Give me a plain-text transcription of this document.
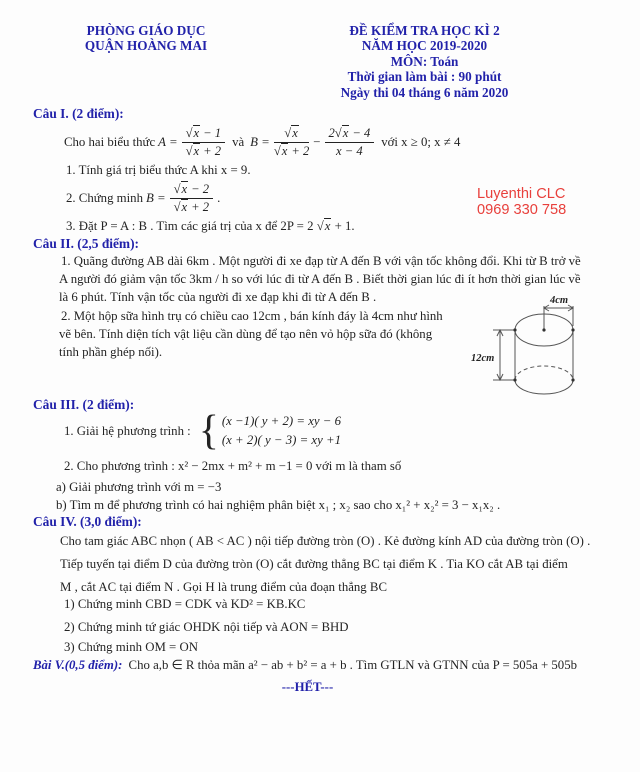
PHÒNG GIÁO DỤC
QUẬN HOÀNG MAI
ĐỀ KIỂM TRA HỌC KÌ 2
NĂM HỌC 2019-2020
MÔN: Toán
Thời gian làm bài : 90 phút
Ngày thi 04 tháng 6 năm 2020
Luyenthi CLC
0969 330 758
Câu I. (2 điểm):
Cho hai biểu thức A = √ x − 1
√ x + 2 và B = √ x
√ $x + 2 - \frac{2 √ x - 4}{x - 4}$ với x ≥ 0; x ≠ 4
1. Tính giá trị biểu thức A khi x = 9.
2. Chứng minh B = √ x − 2
√ x + 2 .
3. Đặt P = A : B . Tìm các giá trị của x để 2P = 2 √ x + 1.
Câu II. (2,5 điểm):
1. Quãng đường AB dài 6km . Một người đi xe đạp từ A đến B với vận tốc không đổi. Khi từ B trở về
A người đó giảm vận tốc 3km / h so với lúc đi từ A đến B . Biết thời gian lúc đi ít hơn thời gian lúc về
là 6 phút. Tính vận tốc của người đi xe đạp khi đi từ A đến B .
2. Một hộp sữa hình trụ có chiều cao 12cm , bán kính đáy là 4cm như hình
vẽ bên. Tính diện tích vật liệu cần dùng để tạo nên vỏ hộp sữa đó (không
tính phần ghép nối).
4cm
12cm
Câu III. (2 điểm):
1. Giải hệ phương trình :
{
(x −1)( y + 2) = xy − 6
(x + 2)( y − 3) = xy +1
2. Cho phương trình : x² − 2mx + m² + m −1 = 0 với m là tham số
a) Giải phương trình với m = −3
b) Tìm m để phương trình có hai nghiệm phân biệt x₁ ; x₂ sao cho x₁² + x₂² = 3 − x₁x₂ .
Câu IV. (3,0 điểm):
Cho tam giác ABC nhọn ( AB < AC ) nội tiếp đường tròn (O) . Kẻ đường kính AD của đường tròn (O) .
Tiếp tuyến tại điểm D của đường tròn (O) cắt đường thẳng BC tại điểm K . Tia KO cắt AB tại điểm
M , cắt AC tại điểm N . Gọi H là trung điểm của đoạn thẳng BC
1) Chứng minh CBD = CDK và KD² = KB.KC
2) Chứng minh tứ giác OHDK nội tiếp và AON = BHD
3) Chứng minh OM = ON
Bài V.(0,5 điểm): Cho a,b ∈ R thỏa mãn a² − ab + b² = a + b . Tìm GTLN và GTNN của P = 505a + 505b
---HẾT---
